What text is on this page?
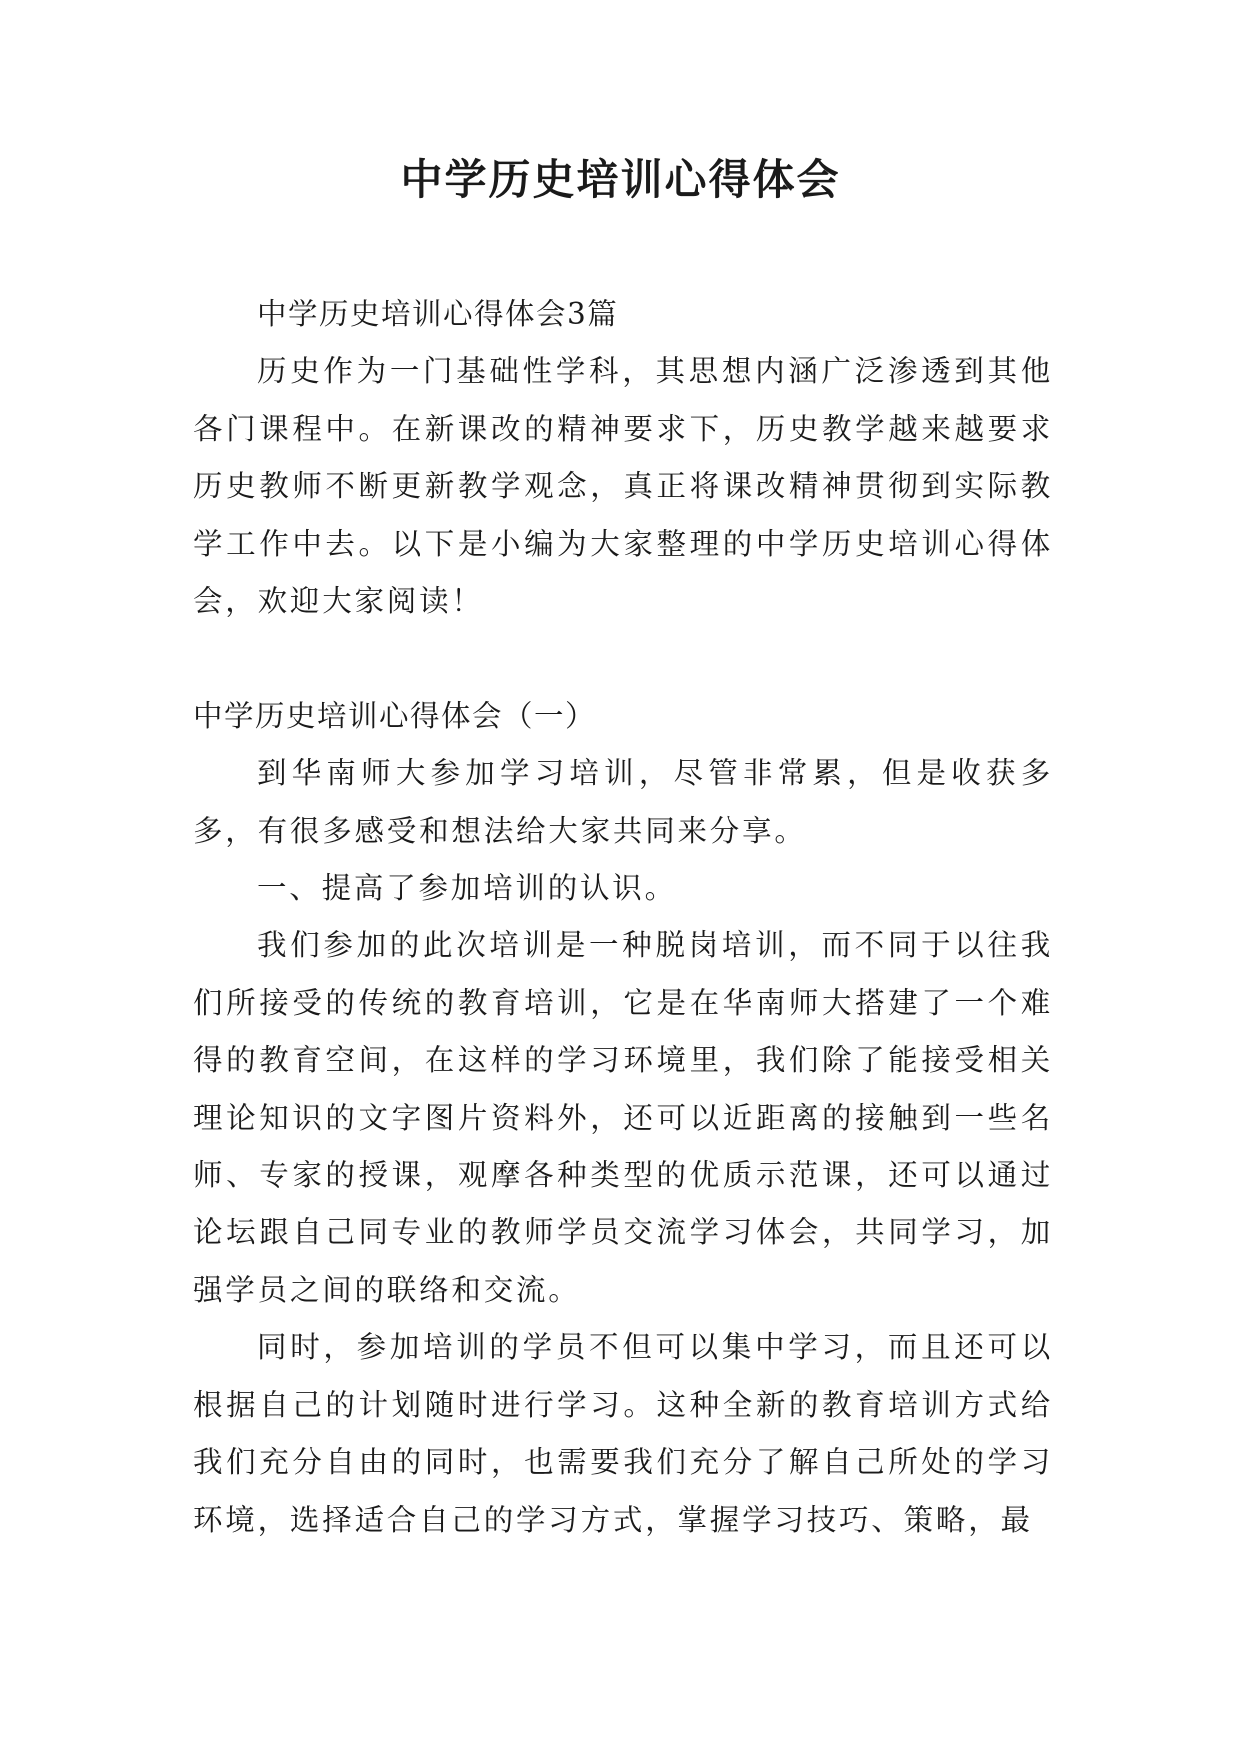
中学历史培训心得体会

中学历史培训心得体会3篇

历史作为一门基础性学科，其思想内涵广泛渗透到其他各门课程中。在新课改的精神要求下，历史教学越来越要求历史教师不断更新教学观念，真正将课改精神贯彻到实际教学工作中去。以下是小编为大家整理的中学历史培训心得体会，欢迎大家阅读！

中学历史培训心得体会（一）

到华南师大参加学习培训，尽管非常累，但是收获多多，有很多感受和想法给大家共同来分享。

一、提高了参加培训的认识。

我们参加的此次培训是一种脱岗培训，而不同于以往我们所接受的传统的教育培训，它是在华南师大搭建了一个难得的教育空间，在这样的学习环境里，我们除了能接受相关理论知识的文字图片资料外，还可以近距离的接触到一些名师、专家的授课，观摩各种类型的优质示范课，还可以通过论坛跟自己同专业的教师学员交流学习体会，共同学习，加强学员之间的联络和交流。

同时，参加培训的学员不但可以集中学习，而且还可以根据自己的计划随时进行学习。这种全新的教育培训方式给我们充分自由的同时，也需要我们充分了解自己所处的学习环境，选择适合自己的学习方式，掌握学习技巧、策略，最
